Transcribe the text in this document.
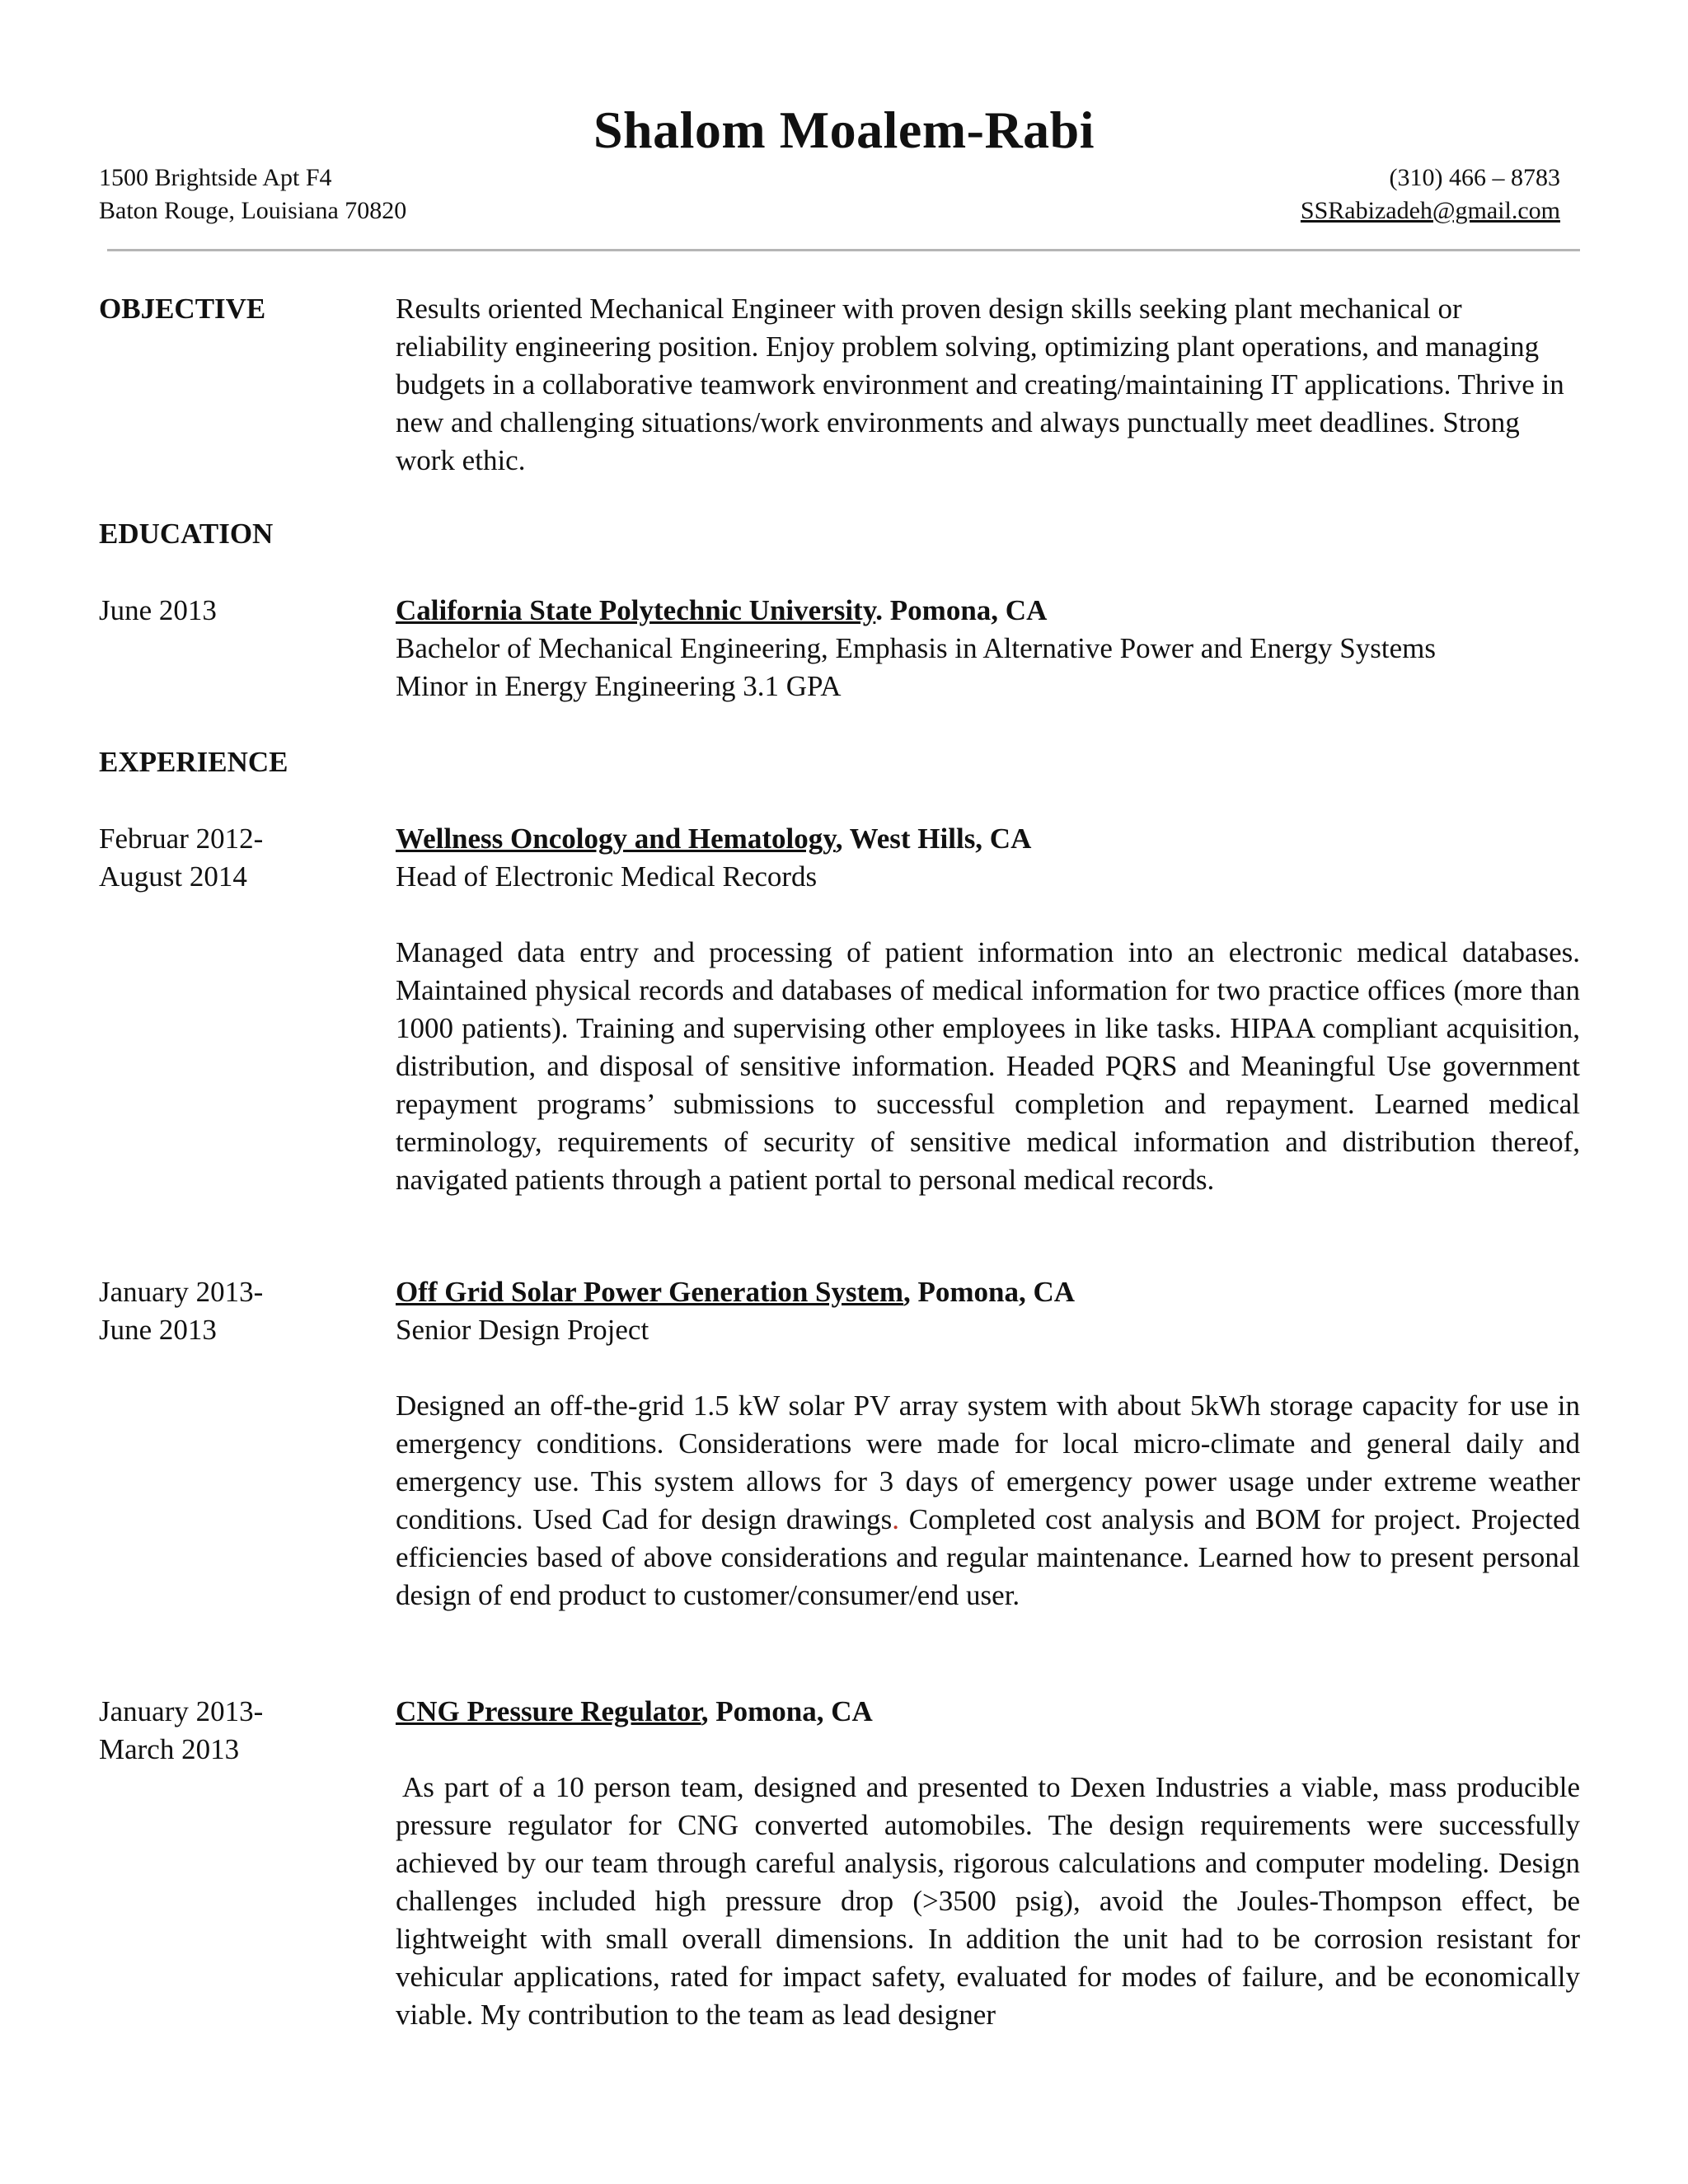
Shalom Moalem-Rabi
1500 Brightside Apt F4
Baton Rouge, Louisiana 70820
(310) 466 – 8783
SSRabizadeh@gmail.com
OBJECTIVE	Results oriented Mechanical Engineer with proven design skills seeking plant mechanical or reliability engineering position. Enjoy problem solving, optimizing plant operations, and managing budgets in a collaborative teamwork environment and creating/maintaining IT applications. Thrive in new and challenging situations/work environments and always punctually meet deadlines. Strong work ethic.

EDUCATION
June 2013	California State Polytechnic University. Pomona, CA

Bachelor of Mechanical Engineering, Emphasis in Alternative Power and Energy Systems

Minor in Energy Engineering 3.1 GPA

EXPERIENCE
Februar 2012-
August 2014

Wellness Oncology and Hematology, West Hills, CA

Head of Electronic Medical Records

Managed data entry and processing of patient information into an electronic medical databases. Maintained physical records and databases of medical information for two practice offices (more than 1000 patients). Training and supervising other employees in like tasks. HIPAA compliant acquisition, distribution, and disposal of sensitive information. Headed PQRS and Meaningful Use government repayment programs’ submissions to successful completion and repayment. Learned medical terminology, requirements of security of sensitive medical information and distribution thereof, navigated patients through a patient portal to personal medical records.

January 2013-
June 2013

Off Grid Solar Power Generation System, Pomona, CA

Senior Design Project

Designed an off-the-grid 1.5 kW solar PV array system with about 5kWh storage capacity for use in emergency conditions. Considerations were made for local micro-climate and general daily and emergency use. This system allows for 3 days of emergency power usage under extreme weather conditions. Used Cad for design drawings. Completed cost analysis and BOM for project. Projected efficiencies based of above considerations and regular maintenance. Learned how to present personal design of end product to customer/consumer/end user.

January 2013-
March 2013

CNG Pressure Regulator, Pomona, CA

As part of a 10 person team, designed and presented to Dexen Industries a viable, mass producible pressure regulator for CNG converted automobiles. The design requirements were successfully achieved by our team through careful analysis, rigorous calculations and computer modeling. Design challenges included high pressure drop (>3500 psig), avoid the Joules-Thompson effect, be lightweight with small overall dimensions. In addition the unit had to be corrosion resistant for vehicular applications, rated for impact safety, evaluated for modes of failure, and be economically viable. My contribution to the team as lead designer
